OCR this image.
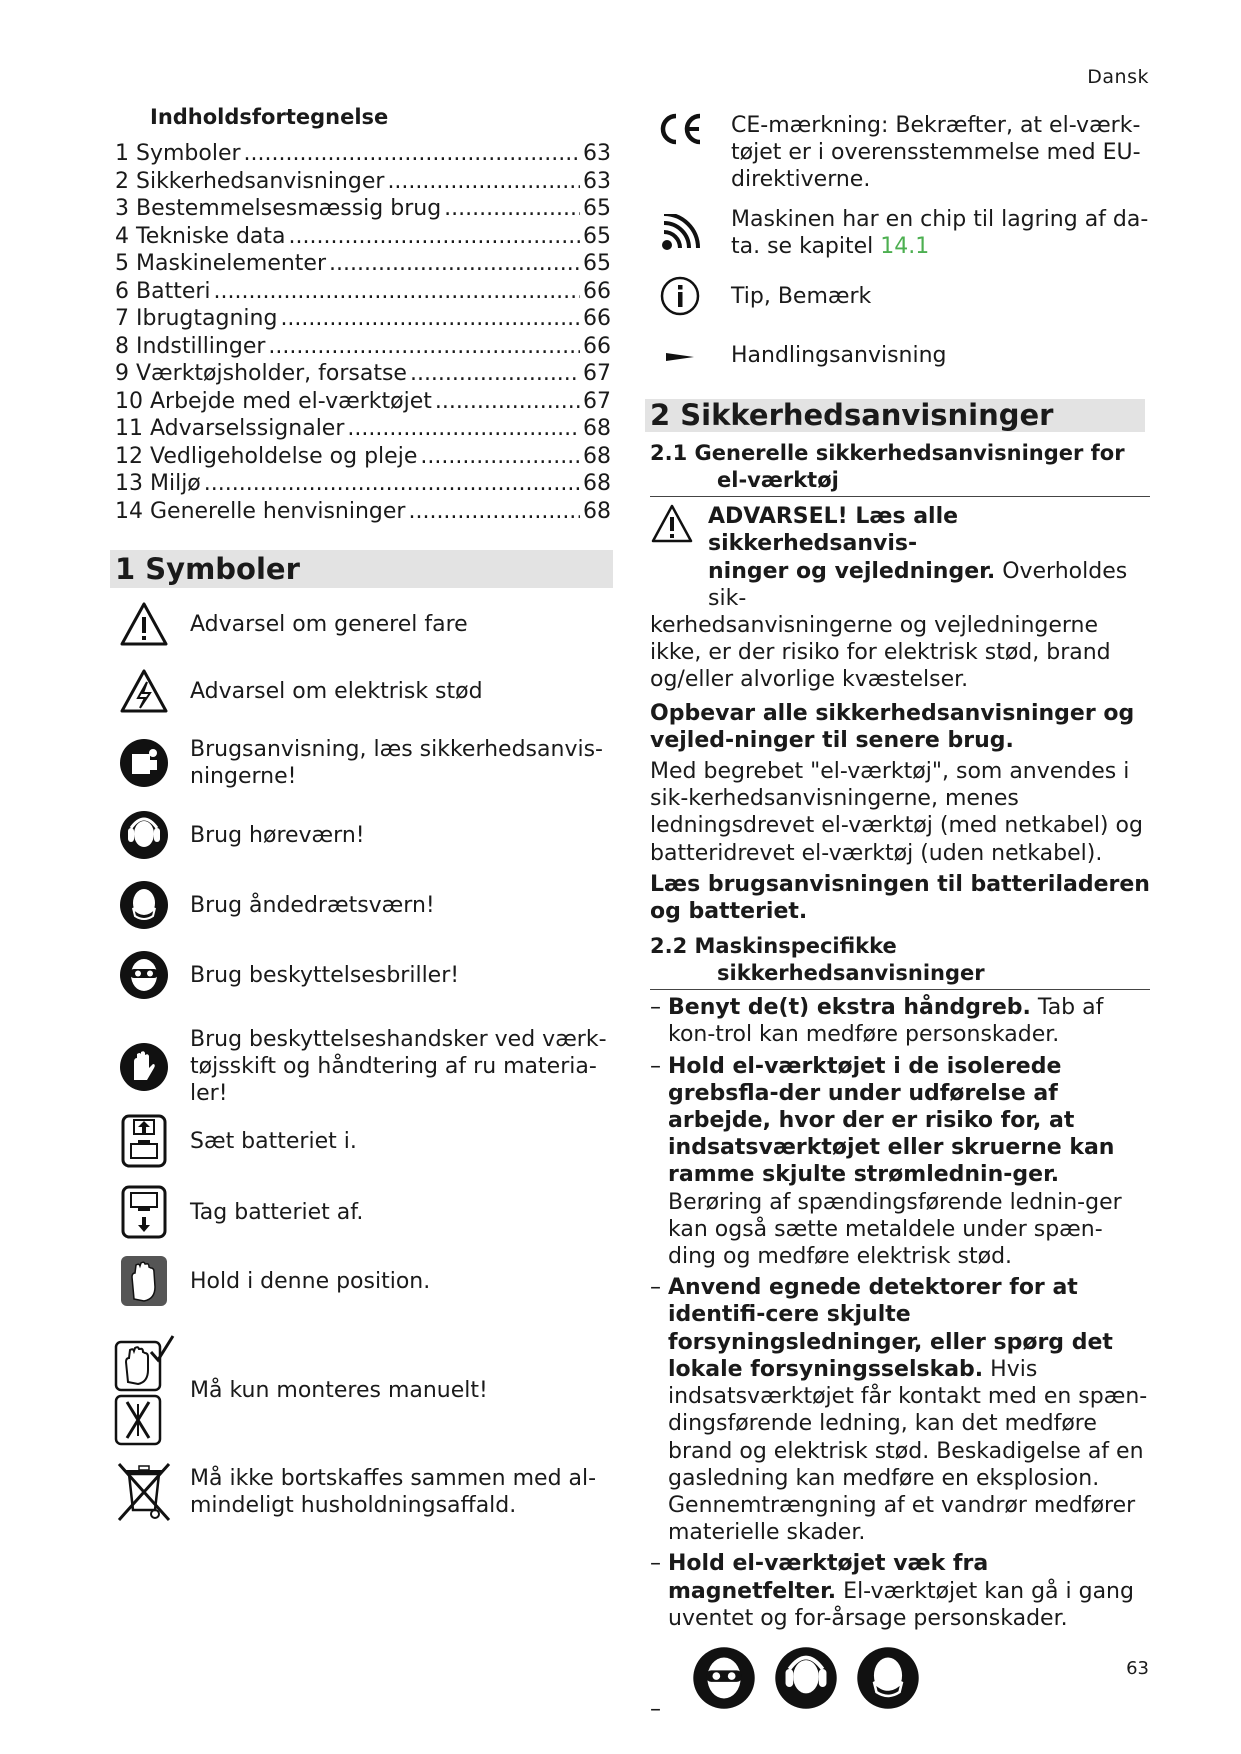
Dansk
Indholdsfortegnelse
1 Symboler .....	63
2 Sikkerhedsanvisninger .....	63
3 Bestemmelsesmæssig brug .....	65
4 Tekniske data .....	65
5 Maskinelementer .....	65
6 Batteri .....	66
7 Ibrugtagning .....	66
8 Indstillinger .....	66
9 Værktøjsholder, forsatse .....	67
10 Arbejde med el-værktøjet .....	67
11 Advarselssignaler .....	68
12 Vedligeholdelse og pleje .....	68
13 Miljø .....	68
14 Generelle henvisninger .....	68
1 Symboler
Advarsel om generel fare
Advarsel om elektrisk stød
Brugsanvisning, læs sikkerhedsanvis-ningerne!
Brug høreværn!
Brug åndedrætsværn!
Brug beskyttelsesbriller!
Brug beskyttelseshandsker ved værk-tøjsskift og håndtering af ru materia-ler!
Sæt batteriet i.
Tag batteriet af.
Hold i denne position.
Må kun monteres manuelt!
Må ikke bortskaffes sammen med al-mindeligt husholdningsaffald.
CE-mærkning: Bekræfter, at el-værk-tøjet er i overensstemmelse med EU-direktiverne.
Maskinen har en chip til lagring af da-ta. se kapitel 14.1
Tip, Bemærk
Handlingsanvisning
2 Sikkerhedsanvisninger
2.1 Generelle sikkerhedsanvisninger for
el-værktøj
ADVARSEL! Læs alle sikkerhedsanvis-
ninger og vejledninger. Overholdes sik-

kerhedsanvisningerne og vejledningerne ikke, er der risiko for elektrisk stød, brand og/eller alvorlige kvæstelser.

Opbevar alle sikkerhedsanvisninger og vejled-ninger til senere brug.

Med begrebet "el-værktøj", som anvendes i sik-kerhedsanvisningerne, menes ledningsdrevet el-værktøj (med netkabel) og batteridrevet el-værktøj (uden netkabel).

Læs brugsanvisningen til batteriladeren og batteriet.

2.2 Maskinspecifikke
sikkerhedsanvisninger
– Benyt de(t) ekstra håndgreb. Tab af kon-trol kan medføre personskader.
– Hold el-værktøjet i de isolerede grebsfla-der under udførelse af arbejde, hvor der er risiko for, at indsatsværktøjet eller skruerne kan ramme skjulte strømlednin-ger. Berøring af spændingsførende lednin-ger kan også sætte metaldele under spæn-ding og medføre elektrisk stød.
– Anvend egnede detektorer for at identifi-cere skjulte forsyningsledninger, eller spørg det lokale forsyningsselskab. Hvis indsatsværktøjet får kontakt med en spæn-dingsførende ledning, kan det medføre brand og elektrisk stød. Beskadigelse af en gasledning kan medføre en eksplosion. Gennemtrængning af et vandrør medfører materielle skader.
– Hold el-værktøjet væk fra magnetfelter. El-værktøjet kan gå i gang uventet og for-årsage personskader.
–
63
